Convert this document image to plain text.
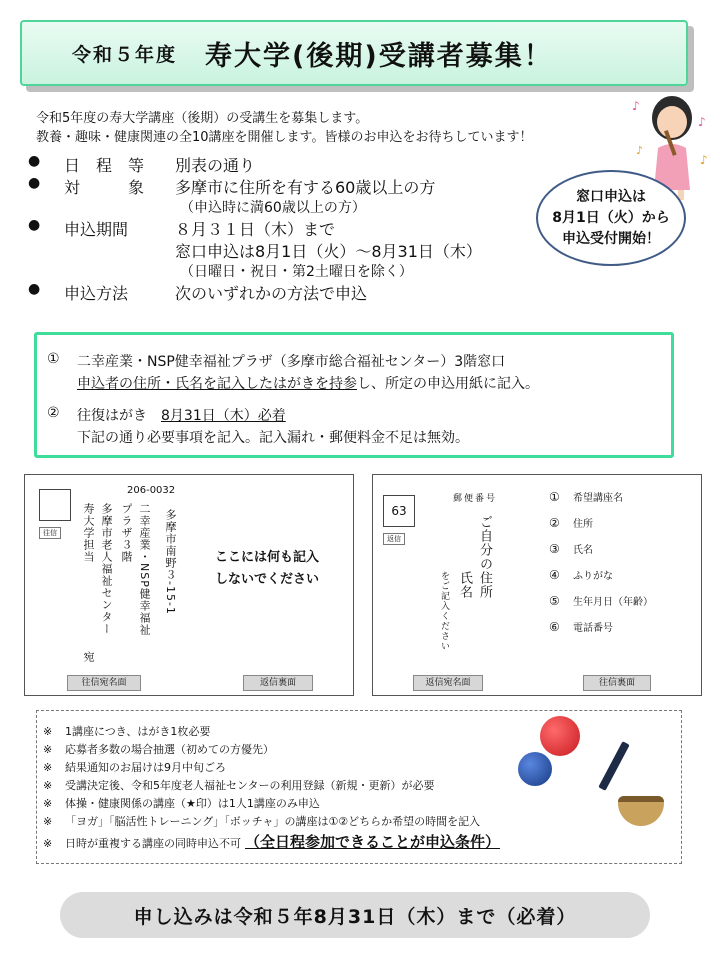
令和５年度 寿大学(後期)受講者募集！
♪
♪
♪
♪
令和5年度の寿大学講座（後期）の受講生を募集します。
教養・趣味・健康関連の全10講座を開催します。皆様のお申込をお待ちしています！
● 日　程　等 別表の通り
● 対　　　象 多摩市に住所を有する60歳以上の方
（申込時に満60歳以上の方）
● 申込期間	８月３１日（木）まで
窓口申込は8月1日（火）～8月31日（木）
（日曜日・祝日・第2土曜日を除く）
● 申込方法	次のいずれかの方法で申込
窓口申込は
8月1日（火）から
申込受付開始！
① 二幸産業・NSP健幸福祉プラザ（多摩市総合福祉センター）3階窓口
申込者の住所・氏名を記入したはがきを持参し、所定の申込用紙に記入。
② 往復はがき　8月31日（木）必着
下記の通り必要事項を記入。記入漏れ・郵便料金不足は無効。
往信
206-0032
多摩市南野３-15-1
二幸産業・NSP健幸福祉
プラザ３階
多摩市老人福祉センター
寿大学担当
宛
ここには何も記入
しないでください
往信宛名面	返信裏面
63
返信
郵便番号
ご自分の住所
氏名
をご記入ください
① 希望講座名
② 住所
③ 氏名
④ ふりがな
⑤ 生年月日（年齢）
⑥ 電話番号
返信宛名面	往信裏面
※ 1講座につき、はがき1枚必要
※ 応募者多数の場合抽選（初めての方優先）
※ 結果通知のお届けは9月中旬ごろ
※ 受講決定後、令和5年度老人福祉センターの利用登録（新規・更新）が必要
※ 体操・健康関係の講座（★印）は1人1講座のみ申込
※ 「ヨガ」「脳活性トレーニング」「ボッチャ」の講座は①②どちらか希望の時間を記入
※ 日時が重複する講座の同時申込不可 （全日程参加できることが申込条件）
申し込みは令和５年8月31日（木）まで（必着）
